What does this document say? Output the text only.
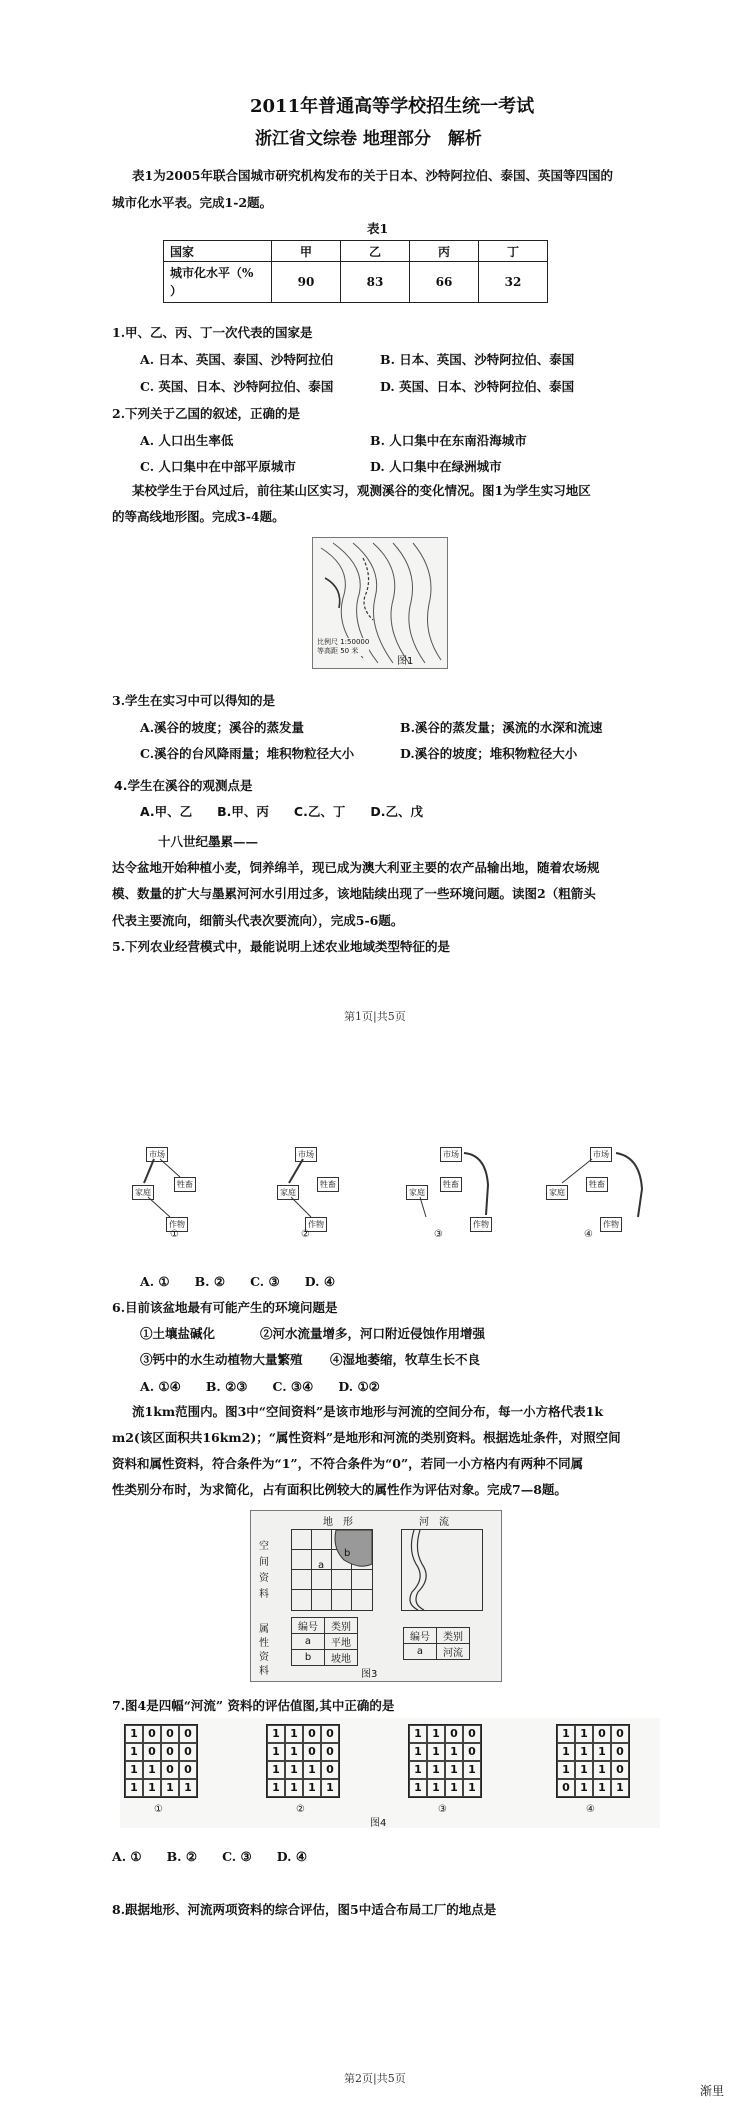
2011年普通高等学校招生统一考试
浙江省文综卷 地理部分　解析
表1为2005年联合国城市研究机构发布的关于日本、沙特阿拉伯、泰国、英国等四国的
城市化水平表。完成1-2题。
表1
国家	甲	乙	丙	丁

城市化水平（%
）	90	83	66	32
1.甲、乙、丙、丁一次代表的国家是
A. 日本、英国、泰国、沙特阿拉伯	B. 日本、英国、沙特阿拉伯、泰国
C. 英国、日本、沙特阿拉伯、泰国	D. 英国、日本、沙特阿拉伯、泰国
2.下列关于乙国的叙述，正确的是
A. 人口出生率低	B. 人口集中在东南沿海城市
C. 人口集中在中部平原城市	D. 人口集中在绿洲城市
某校学生于台风过后，前往某山区实习，观测溪谷的变化情况。图1为学生实习地区
的等高线地形图。完成3-4题。
比例尺 1:50000
等高距 50 米
图1
3.学生在实习中可以得知的是
A.溪谷的坡度；溪谷的蒸发量	B.溪谷的蒸发量；溪流的水深和流速
C.溪谷的台风降雨量；堆积物粒径大小	D.溪谷的坡度；堆积物粒径大小
4.学生在溪谷的观测点是
A.甲、乙　　B.甲、丙　　C.乙、丁　　D.乙、戊
十八世纪墨累——
达令盆地开始种植小麦，饲养绵羊，现已成为澳大利亚主要的农产品输出地，随着农场规
模、数量的扩大与墨累河河水引用过多，该地陆续出现了一些环境问题。读图2（粗箭头
代表主要流向，细箭头代表次要流向），完成5-6题。
5.下列农业经营模式中，最能说明上述农业地域类型特征的是
第1页|共5页
市场
家庭
牲畜
作物
①
市场
家庭
牲畜
作物
②
市场
家庭
牲畜
作物
③
市场
家庭
牲畜
作物
④
A. ①　　B. ②　　C. ③　　D. ④
6.目前该盆地最有可能产生的环境问题是
①土壤盐碱化	②河水流量增多，河口附近侵蚀作用增强
③钙中的水生动植物大量繁殖 ④湿地萎缩，牧草生长不良
A. ①④　　B. ②③　　C. ③④　　D. ①②
流1km范围内。图3中“空间资料”是该市地形与河流的空间分布，每一小方格代表1k
m2(该区面积共16km2)；“属性资料”是地形和河流的类别资料。根据选址条件，对照空间
资料和属性资料，符合条件为“1”，不符合条件为“0”，若同一小方格内有两种不同属
性类别分布时，为求简化，占有面积比例较大的属性作为评估对象。完成7—8题。
地　形	河　流
空间资料
a
b
属性资料
编号	类别
a	平地
b	坡地
编号	类别
a	河流
图3
7.图4是四幅“河流” 资料的评估值图,其中正确的是
1 0 0 0
1 0 0 0
1 1 0 0
1 1 1 1
①
1 1 0 0
1 1 0 0
1 1 1 0
1 1 1 1
②
1 1 0 0
1 1 1 0
1 1 1 1
1 1 1 1
③
1 1 0 0
1 1 1 0
1 1 1 0
0 1 1 1
④
图4
A. ①　　B. ②　　C. ③　　D. ④
8.跟据地形、河流两项资料的综合评估，图5中适合布局工厂的地点是
第2页|共5页
渐里
